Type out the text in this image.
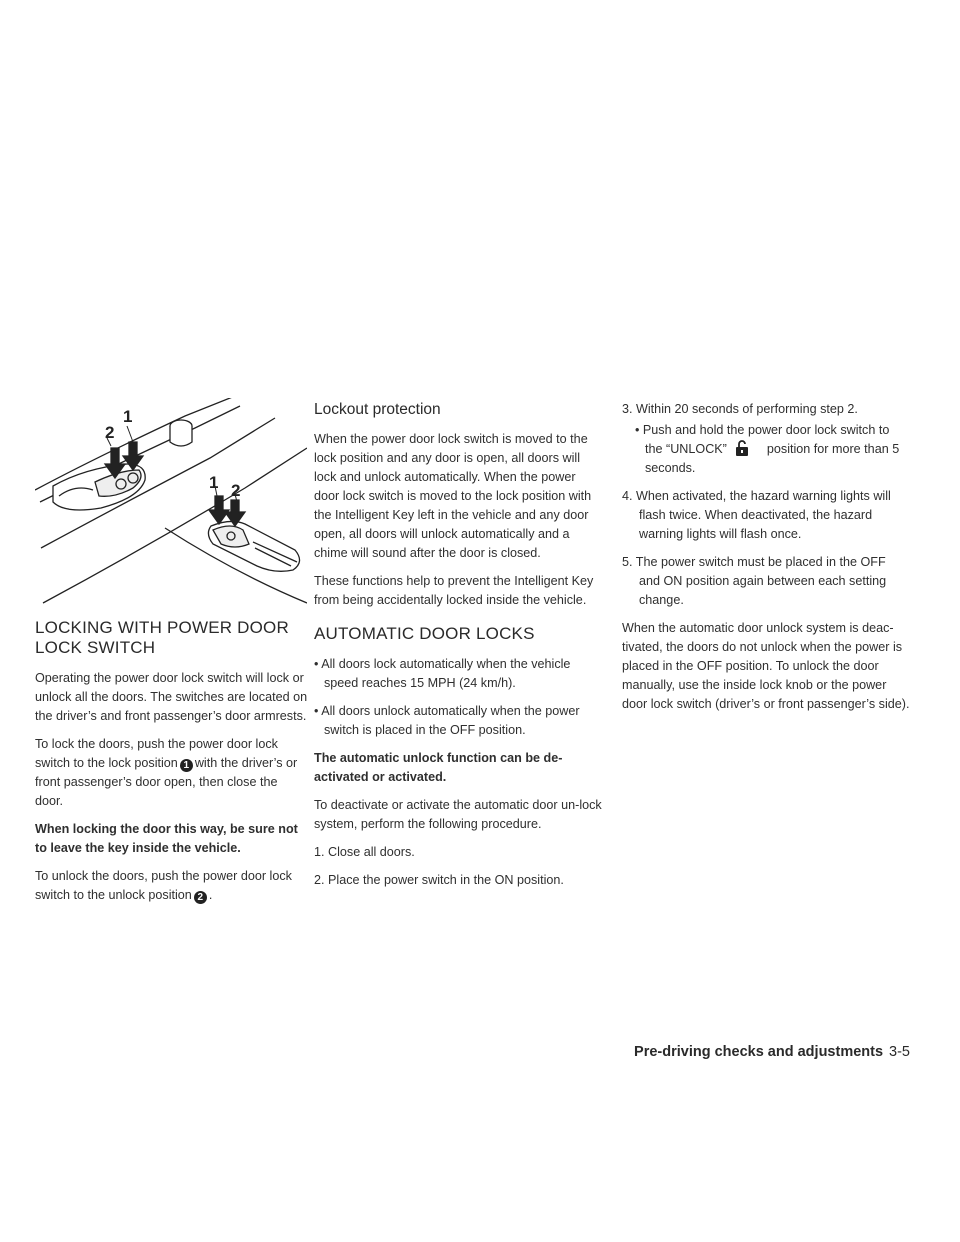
1
2
1 2
LOCKING WITH POWER DOOR LOCK SWITCH

Operating the power door lock switch will lock or unlock all the doors. The switches are located on the driver’s and front passenger’s door armrests.

To lock the doors, push the power door lock switch to the lock position 1 with the driver’s or front passenger’s door open, then close the door.

When locking the door this way, be sure not to leave the key inside the vehicle.

To unlock the doors, push the power door lock switch to the unlock position 2 .

Lockout protection

When the power door lock switch is moved to the lock position and any door is open, all doors will lock and unlock automatically. When the power door lock switch is moved to the lock position with the Intelligent Key left in the vehicle and any door open, all doors will unlock automatically and a chime will sound after the door is closed.

These functions help to prevent the Intelligent Key from being accidentally locked inside the vehicle.

AUTOMATIC DOOR LOCKS

• All doors lock automatically when the vehicle speed reaches 15 MPH (24 km/h).

• All doors unlock automatically when the power switch is placed in the OFF position.

The automatic unlock function can be de-activated or activated.

To deactivate or activate the automatic door un-lock system, perform the following procedure.

1. Close all doors.

2. Place the power switch in the ON position.

3. Within 20 seconds of performing step 2.

• Push and hold the power door lock switch to the “UNLOCK”	position for more than 5 seconds.

4. When activated, the hazard warning lights will flash twice. When deactivated, the hazard warning lights will flash once.

5. The power switch must be placed in the OFF and ON position again between each setting change.

When the automatic door unlock system is deac-tivated, the doors do not unlock when the power is placed in the OFF position. To unlock the door manually, use the inside lock knob or the power door lock switch (driver’s or front passenger’s side).

Pre-driving checks and adjustments 3-5
